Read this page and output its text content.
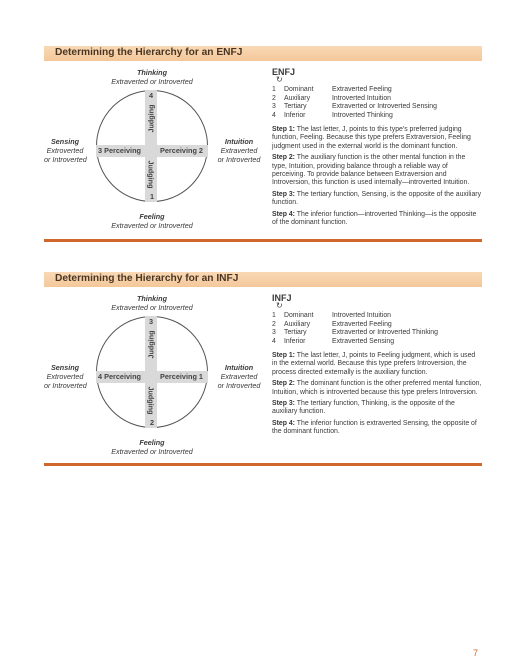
Determining the Hierarchy for an ENFJ
Thinking
Extraverted or Introverted
3 Perceiving	Perceiving 2
4
Judging
Judging
1
Sensing
Extroverted
or Introverted
Intuition
Extraverted
or Introverted
Feeling
Extraverted or Introverted
ENFJ
↻
1	Dominant	Extraverted Feeling
2	Auxiliary	Introverted Intuition
3	Tertiary	Extraverted or Introverted Sensing
4	Inferior	Introverted Thinking

Step 1: The last letter, J, points to this type's preferred judging function, Feeling. Because this type prefers Extraversion, Feeling judgment used in the external world is the dominant function.

Step 2: The auxiliary function is the other mental function in the type, Intuition, providing balance through a reliable way of perceiving. To provide balance between Extraversion and Introversion, this function is used internally—introverted Intuition.

Step 3: The tertiary function, Sensing, is the opposite of the auxiliary function.

Step 4: The inferior function—introverted Thinking—is the opposite of the dominant function.

Determining the Hierarchy for an INFJ
Thinking
Extraverted or Introverted
4 Perceiving	Perceiving 1
3
Judging
Judging
2
Sensing
Extroverted
or Introverted
Intuition
Extraverted
or Introverted
Feeling
Extraverted or Introverted
INFJ
↻
1	Dominant	Introverted Intuition
2	Auxiliary	Extraverted Feeling
3	Tertiary	Extraverted or Introverted Thinking
4	Inferior	Extraverted Sensing

Step 1: The last letter, J, points to Feeling judgment, which is used in the external world. Because this type prefers Introversion, the process directed externally is the auxiliary function.

Step 2: The dominant function is the other preferred mental function, Intuition, which is introverted because this type prefers Introversion.

Step 3: The tertiary function, Thinking, is the opposite of the auxiliary function.

Step 4: The inferior function is extraverted Sensing, the opposite of the dominant function.

7
